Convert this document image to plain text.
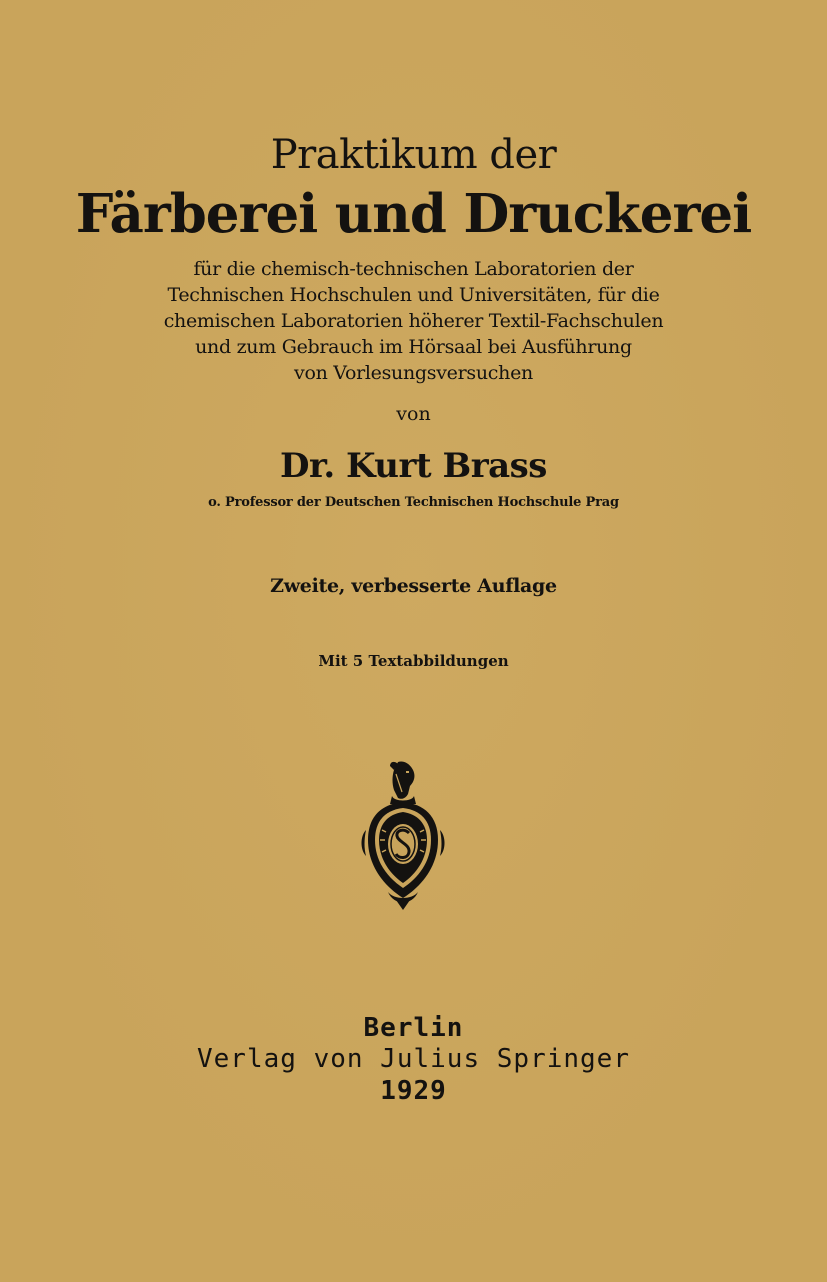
Praktikum der
Färberei und Druckerei
für die chemisch-technischen Laboratorien der
Technischen Hochschulen und Universitäten, für die
chemischen Laboratorien höherer Textil-Fachschulen
und zum Gebrauch im Hörsaal bei Ausführung
von Vorlesungsversuchen
von
Dr. Kurt Brass
o. Professor der Deutschen Technischen Hochschule Prag
Zweite, verbesserte Auflage
Mit 5 Textabbildungen
Berlin
Verlag von Julius Springer
1929
